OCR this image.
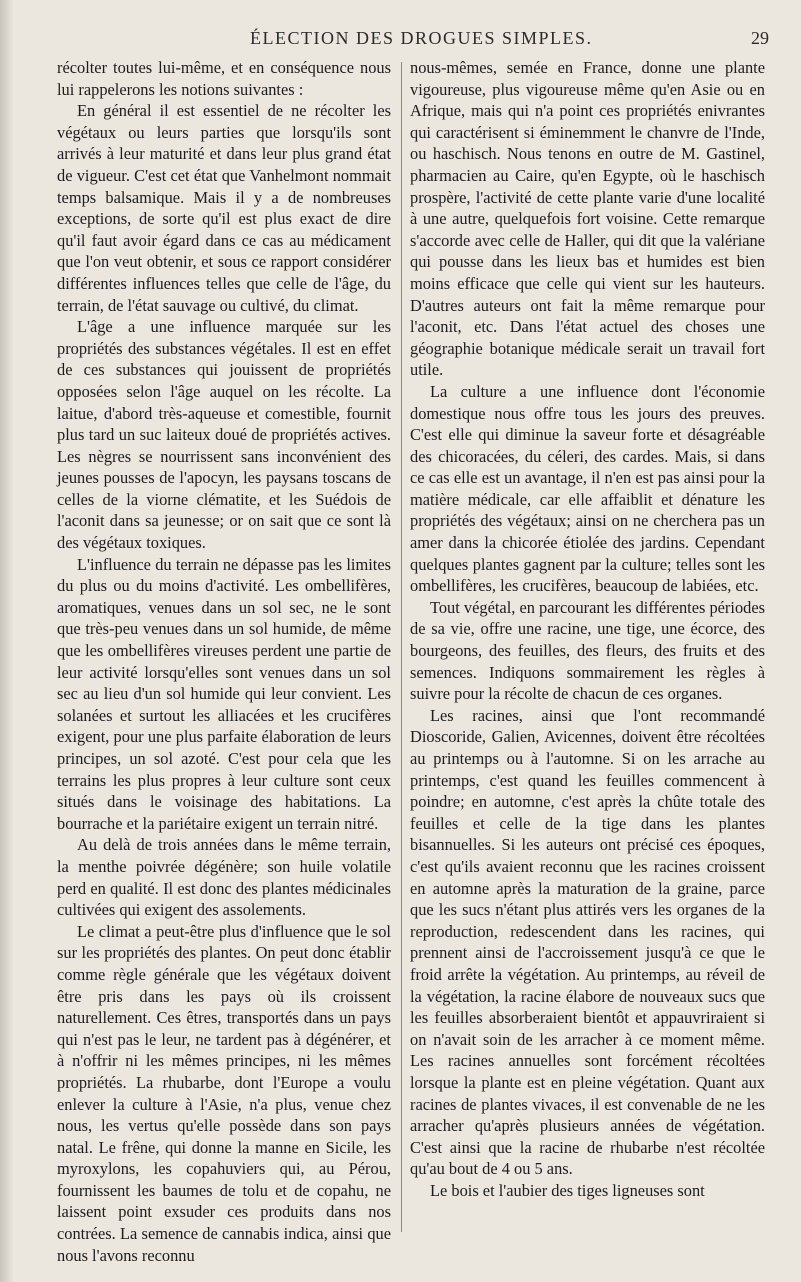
ÉLECTION DES DROGUES SIMPLES.	29

récolter toutes lui-même, et en conséquence nous lui rappelerons les notions suivantes :

En général il est essentiel de ne récolter les végétaux ou leurs parties que lorsqu'ils sont arrivés à leur maturité et dans leur plus grand état de vigueur. C'est cet état que Vanhelmont nommait temps balsamique. Mais il y a de nombreuses exceptions, de sorte qu'il est plus exact de dire qu'il faut avoir égard dans ce cas au médicament que l'on veut obtenir, et sous ce rapport considérer différentes influences telles que celle de l'âge, du terrain, de l'état sauvage ou cultivé, du climat.

L'âge a une influence marquée sur les propriétés des substances végétales. Il est en effet de ces substances qui jouissent de propriétés opposées selon l'âge auquel on les récolte. La laitue, d'abord très-aqueuse et comestible, fournit plus tard un suc laiteux doué de propriétés actives. Les nègres se nourrissent sans inconvénient des jeunes pousses de l'apocyn, les paysans toscans de celles de la viorne clématite, et les Suédois de l'aconit dans sa jeunesse; or on sait que ce sont là des végétaux toxiques.

L'influence du terrain ne dépasse pas les limites du plus ou du moins d'activité. Les ombellifères, aromatiques, venues dans un sol sec, ne le sont que très-peu venues dans un sol humide, de même que les ombellifères vireuses perdent une partie de leur activité lorsqu'elles sont venues dans un sol sec au lieu d'un sol humide qui leur convient. Les solanées et surtout les alliacées et les crucifères exigent, pour une plus parfaite élaboration de leurs principes, un sol azoté. C'est pour cela que les terrains les plus propres à leur culture sont ceux situés dans le voisinage des habitations. La bourrache et la pariétaire exigent un terrain nitré.

Au delà de trois années dans le même terrain, la menthe poivrée dégénère; son huile volatile perd en qualité. Il est donc des plantes médicinales cultivées qui exigent des assolements.

Le climat a peut-être plus d'influence que le sol sur les propriétés des plantes. On peut donc établir comme règle générale que les végétaux doivent être pris dans les pays où ils croissent naturellement. Ces êtres, transportés dans un pays qui n'est pas le leur, ne tardent pas à dégénérer, et à n'offrir ni les mêmes principes, ni les mêmes propriétés. La rhubarbe, dont l'Europe a voulu enlever la culture à l'Asie, n'a plus, venue chez nous, les vertus qu'elle possède dans son pays natal. Le frêne, qui donne la manne en Sicile, les myroxylons, les copahuviers qui, au Pérou, fournissent les baumes de tolu et de copahu, ne laissent point exsuder ces produits dans nos contrées. La semence de cannabis indica, ainsi que nous l'avons reconnu

nous-mêmes, semée en France, donne une plante vigoureuse, plus vigoureuse même qu'en Asie ou en Afrique, mais qui n'a point ces propriétés enivrantes qui caractérisent si éminemment le chanvre de l'Inde, ou haschisch. Nous tenons en outre de M. Gastinel, pharmacien au Caire, qu'en Egypte, où le haschisch prospère, l'activité de cette plante varie d'une localité à une autre, quelquefois fort voisine. Cette remarque s'accorde avec celle de Haller, qui dit que la valériane qui pousse dans les lieux bas et humides est bien moins efficace que celle qui vient sur les hauteurs. D'autres auteurs ont fait la même remarque pour l'aconit, etc. Dans l'état actuel des choses une géographie botanique médicale serait un travail fort utile.

La culture a une influence dont l'économie domestique nous offre tous les jours des preuves. C'est elle qui diminue la saveur forte et désagréable des chicoracées, du céleri, des cardes. Mais, si dans ce cas elle est un avantage, il n'en est pas ainsi pour la matière médicale, car elle affaiblit et dénature les propriétés des végétaux; ainsi on ne cherchera pas un amer dans la chicorée étiolée des jardins. Cependant quelques plantes gagnent par la culture; telles sont les ombellifères, les crucifères, beaucoup de labiées, etc.

Tout végétal, en parcourant les différentes périodes de sa vie, offre une racine, une tige, une écorce, des bourgeons, des feuilles, des fleurs, des fruits et des semences. Indiquons sommairement les règles à suivre pour la récolte de chacun de ces organes.

Les racines, ainsi que l'ont recommandé Dioscoride, Galien, Avicennes, doivent être récoltées au printemps ou à l'automne. Si on les arrache au printemps, c'est quand les feuilles commencent à poindre; en automne, c'est après la chûte totale des feuilles et celle de la tige dans les plantes bisannuelles. Si les auteurs ont précisé ces époques, c'est qu'ils avaient reconnu que les racines croissent en automne après la maturation de la graine, parce que les sucs n'étant plus attirés vers les organes de la reproduction, redescendent dans les racines, qui prennent ainsi de l'accroissement jusqu'à ce que le froid arrête la végétation. Au printemps, au réveil de la végétation, la racine élabore de nouveaux sucs que les feuilles absorberaient bientôt et appauvriraient si on n'avait soin de les arracher à ce moment même. Les racines annuelles sont forcément récoltées lorsque la plante est en pleine végétation. Quant aux racines de plantes vivaces, il est convenable de ne les arracher qu'après plusieurs années de végétation. C'est ainsi que la racine de rhubarbe n'est récoltée qu'au bout de 4 ou 5 ans.

Le bois et l'aubier des tiges ligneuses sont
